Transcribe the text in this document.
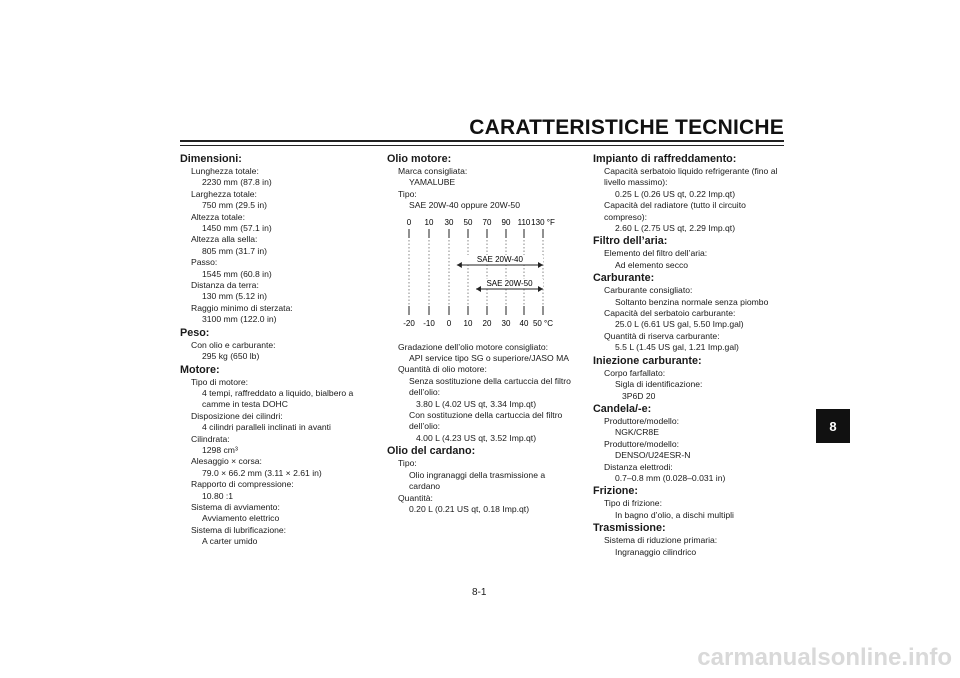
CARATTERISTICHE TECNICHE
Dimensioni:
Lunghezza totale:
2230 mm (87.8 in)
Larghezza totale:
750 mm (29.5 in)
Altezza totale:
1450 mm (57.1 in)
Altezza alla sella:
805 mm (31.7 in)
Passo:
1545 mm (60.8 in)
Distanza da terra:
130 mm (5.12 in)
Raggio minimo di sterzata:
3100 mm (122.0 in)
Peso:
Con olio e carburante:
295 kg (650 lb)
Motore:
Tipo di motore:
4 tempi, raffreddato a liquido, bialbero a
camme in testa DOHC
Disposizione dei cilindri:
4 cilindri paralleli inclinati in avanti
Cilindrata:
1298 cm³
Alesaggio × corsa:
79.0 × 66.2 mm (3.11 × 2.61 in)
Rapporto di compressione:
10.80 :1
Sistema di avviamento:
Avviamento elettrico
Sistema di lubrificazione:
A carter umido
Olio motore:
Marca consigliata:
YAMALUBE
Tipo:
SAE 20W-40 oppure 20W-50
0
-20
10
-10
30
0
50
10
70
20
90
30
110
40
130 °F
50 °C
SAE 20W-40
SAE 20W-50
Gradazione dell’olio motore consigliato:
API service tipo SG o superiore/JASO MA
Quantità di olio motore:
Senza sostituzione della cartuccia del filtro
dell’olio:
3.80 L (4.02 US qt, 3.34 Imp.qt)
Con sostituzione della cartuccia del filtro
dell’olio:
4.00 L (4.23 US qt, 3.52 Imp.qt)
Olio del cardano:
Tipo:
Olio ingranaggi della trasmissione a
cardano
Quantità:
0.20 L (0.21 US qt, 0.18 Imp.qt)
Impianto di raffreddamento:
Capacità serbatoio liquido refrigerante (fino al
livello massimo):
0.25 L (0.26 US qt, 0.22 Imp.qt)
Capacità del radiatore (tutto il circuito
compreso):
2.60 L (2.75 US qt, 2.29 Imp.qt)
Filtro dell’aria:
Elemento del filtro dell’aria:
Ad elemento secco
Carburante:
Carburante consigliato:
Soltanto benzina normale senza piombo
Capacità del serbatoio carburante:
25.0 L (6.61 US gal, 5.50 Imp.gal)
Quantità di riserva carburante:
5.5 L (1.45 US gal, 1.21 Imp.gal)
Iniezione carburante:
Corpo farfallato:
Sigla di identificazione:
3P6D 20
Candela/-e:
Produttore/modello:
NGK/CR8E
Produttore/modello:
DENSO/U24ESR-N
Distanza elettrodi:
0.7–0.8 mm (0.028–0.031 in)
Frizione:
Tipo di frizione:
In bagno d’olio, a dischi multipli
Trasmissione:
Sistema di riduzione primaria:
Ingranaggio cilindrico
8
8-1
carmanualsonline.info
